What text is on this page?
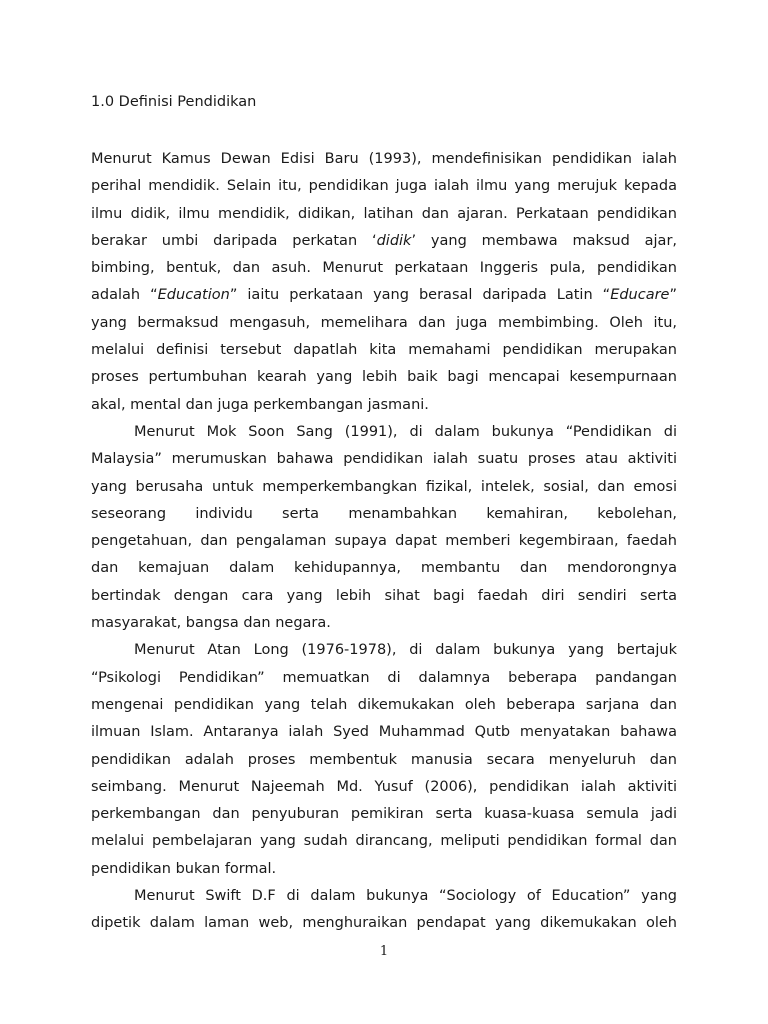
1.0 Definisi Pendidikan
Menurut Kamus Dewan Edisi Baru (1993), mendefinisikan pendidikan ialah
perihal mendidik. Selain itu, pendidikan juga ialah ilmu yang merujuk kepada
ilmu didik, ilmu mendidik, didikan, latihan dan ajaran. Perkataan pendidikan
berakar umbi daripada perkatan ‘didik’ yang membawa maksud ajar,
bimbing, bentuk, dan asuh. Menurut perkataan Inggeris pula, pendidikan
adalah “Education” iaitu perkataan yang berasal daripada Latin “Educare”
yang bermaksud mengasuh, memelihara dan juga membimbing. Oleh itu,
melalui definisi tersebut dapatlah kita memahami pendidikan merupakan
proses pertumbuhan kearah yang lebih baik bagi mencapai kesempurnaan
akal, mental dan juga perkembangan jasmani.
Menurut Mok Soon Sang (1991), di dalam bukunya “Pendidikan di
Malaysia” merumuskan bahawa pendidikan ialah suatu proses atau aktiviti
yang berusaha untuk memperkembangkan fizikal, intelek, sosial, dan emosi
seseorang individu serta menambahkan kemahiran, kebolehan,
pengetahuan, dan pengalaman supaya dapat memberi kegembiraan, faedah
dan kemajuan dalam kehidupannya, membantu dan mendorongnya
bertindak dengan cara yang lebih sihat bagi faedah diri sendiri serta
masyarakat, bangsa dan negara.
Menurut Atan Long (1976-1978), di dalam bukunya yang bertajuk
“Psikologi Pendidikan” memuatkan di dalamnya beberapa pandangan
mengenai pendidikan yang telah dikemukakan oleh beberapa sarjana dan
ilmuan Islam. Antaranya ialah Syed Muhammad Qutb menyatakan bahawa
pendidikan adalah proses membentuk manusia secara menyeluruh dan
seimbang. Menurut Najeemah Md. Yusuf (2006), pendidikan ialah aktiviti
perkembangan dan penyuburan pemikiran serta kuasa-kuasa semula jadi
melalui pembelajaran yang sudah dirancang, meliputi pendidikan formal dan
pendidikan bukan formal.
Menurut Swift D.F di dalam bukunya “Sociology of Education” yang
dipetik dalam laman web, menghuraikan pendapat yang dikemukakan oleh
1
